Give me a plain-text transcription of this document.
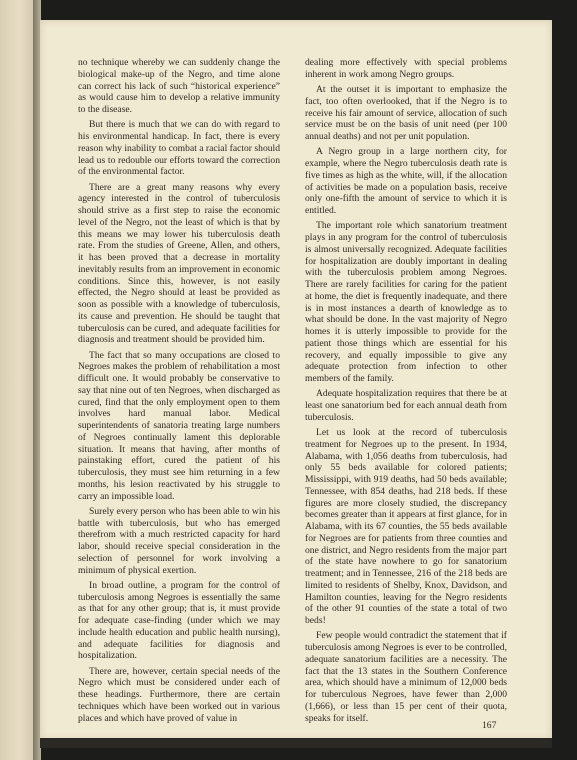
no technique whereby we can suddenly change the biological make-up of the Negro, and time alone can correct his lack of such “historical experience” as would cause him to develop a relative immunity to the disease.

But there is much that we can do with regard to his environmental handicap. In fact, there is every reason why inability to combat a racial factor should lead us to redouble our efforts toward the correction of the environmental factor.

There are a great many reasons why every agency interested in the control of tuberculosis should strive as a first step to raise the economic level of the Negro, not the least of which is that by this means we may lower his tuberculosis death rate. From the studies of Greene, Allen, and others, it has been proved that a decrease in mortality inevitably results from an improvement in economic conditions. Since this, however, is not easily effected, the Negro should at least be provided as soon as possible with a knowledge of tuberculosis, its cause and prevention. He should be taught that tuberculosis can be cured, and adequate facilities for diagnosis and treatment should be provided him.

The fact that so many occupations are closed to Negroes makes the problem of rehabilitation a most difficult one. It would probably be conservative to say that nine out of ten Negroes, when discharged as cured, find that the only employment open to them involves hard manual labor. Medical superintendents of sanatoria treating large numbers of Negroes continually lament this deplorable situation. It means that having, after months of painstaking effort, cured the patient of his tuberculosis, they must see him returning in a few months, his lesion reactivated by his struggle to carry an impossible load.

Surely every person who has been able to win his battle with tuberculosis, but who has emerged therefrom with a much restricted capacity for hard labor, should receive special consideration in the selection of personnel for work involving a minimum of physical exertion.

In broad outline, a program for the control of tuberculosis among Negroes is essentially the same as that for any other group; that is, it must provide for adequate case-finding (under which we may include health education and public health nursing), and adequate facilities for diagnosis and hospitalization.

There are, however, certain special needs of the Negro which must be considered under each of these headings. Furthermore, there are certain techniques which have been worked out in various places and which have proved of value in

dealing more effectively with special problems inherent in work among Negro groups.

At the outset it is important to emphasize the fact, too often overlooked, that if the Negro is to receive his fair amount of service, allocation of such service must be on the basis of unit need (per 100 annual deaths) and not per unit population.

A Negro group in a large northern city, for example, where the Negro tuberculosis death rate is five times as high as the white, will, if the allocation of activities be made on a population basis, receive only one-fifth the amount of service to which it is entitled.

The important role which sanatorium treatment plays in any program for the control of tuberculosis is almost universally recognized. Adequate facilities for hospitalization are doubly important in dealing with the tuberculosis problem among Negroes. There are rarely facilities for caring for the patient at home, the diet is frequently inadequate, and there is in most instances a dearth of knowledge as to what should be done. In the vast majority of Negro homes it is utterly impossible to provide for the patient those things which are essential for his recovery, and equally impossible to give any adequate protection from infection to other members of the family.

Adequate hospitalization requires that there be at least one sanatorium bed for each annual death from tuberculosis.

Let us look at the record of tuberculosis treatment for Negroes up to the present. In 1934, Alabama, with 1,056 deaths from tuberculosis, had only 55 beds available for colored patients; Mississippi, with 919 deaths, had 50 beds available; Tennessee, with 854 deaths, had 218 beds. If these figures are more closely studied, the discrepancy becomes greater than it appears at first glance, for in Alabama, with its 67 counties, the 55 beds available for Negroes are for patients from three counties and one district, and Negro residents from the major part of the state have nowhere to go for sanatorium treatment; and in Tennessee, 216 of the 218 beds are limited to residents of Shelby, Knox, Davidson, and Hamilton counties, leaving for the Negro residents of the other 91 counties of the state a total of two beds!

Few people would contradict the statement that if tuberculosis among Negroes is ever to be controlled, adequate sanatorium facilities are a necessity. The fact that the 13 states in the Southern Conference area, which should have a minimum of 12,000 beds for tuberculous Negroes, have fewer than 2,000 (1,666), or less than 15 per cent of their quota, speaks for itself.

167
